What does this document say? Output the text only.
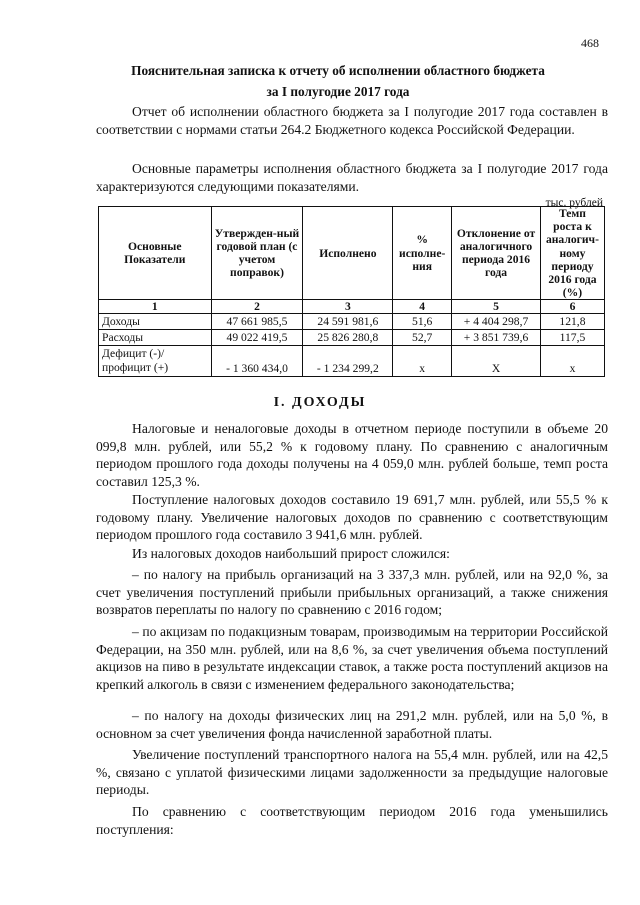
468
Пояснительная записка к отчету об исполнении областного бюджета
за I полугодие 2017 года

Отчет об исполнении областного бюджета за I полугодие 2017 года составлен в соответствии с нормами статьи 264.2 Бюджетного кодекса Российской Федерации.

Основные параметры исполнения областного бюджета за I полугодие 2017 года характеризуются следующими показателями.

тыс. рублей
Основные Показатели	Утвержден-ный годовой план (с учетом поправок)	Исполнено	% исполне-ния	Отклонение от аналогичного периода 2016 года	Темп роста к аналогич-ному периоду 2016 года (%)
1	2	3	4	5	6
Доходы	47 661 985,5	24 591 981,6	51,6	+ 4 404 298,7	121,8
Расходы	49 022 419,5	25 826 280,8	52,7	+ 3 851 739,6	117,5
Дефицит (-)/ профицит (+)	- 1 360 434,0	- 1 234 299,2	х	Х	х
I. ДОХОДЫ

Налоговые и неналоговые доходы в отчетном периоде поступили в объеме 20 099,8 млн. рублей, или 55,2 % к годовому плану. По сравнению с аналогичным периодом прошлого года доходы получены на 4 059,0 млн. рублей больше, темп роста составил 125,3 %.

Поступление налоговых доходов составило 19 691,7 млн. рублей, или 55,5 % к годовому плану. Увеличение налоговых доходов по сравнению с соответствующим периодом прошлого года составило 3 941,6 млн. рублей.

Из налоговых доходов наибольший прирост сложился:

– по налогу на прибыль организаций на 3 337,3 млн. рублей, или на 92,0 %, за счет увеличения поступлений прибыли прибыльных организаций, а также снижения возвратов переплаты по налогу по сравнению с 2016 годом;

– по акцизам по подакцизным товарам, производимым на территории Российской Федерации, на 350 млн. рублей, или на 8,6 %, за счет увеличения объема поступлений акцизов на пиво в результате индексации ставок, а также роста поступлений акцизов на крепкий алкоголь в связи с изменением федерального законодательства;

– по налогу на доходы физических лиц на 291,2 млн. рублей, или на 5,0 %, в основном за счет увеличения фонда начисленной заработной платы.

Увеличение поступлений транспортного налога на 55,4 млн. рублей, или на 42,5 %, связано с уплатой физическими лицами задолженности за предыдущие налоговые периоды.

По сравнению с соответствующим периодом 2016 года уменьшились поступления:
